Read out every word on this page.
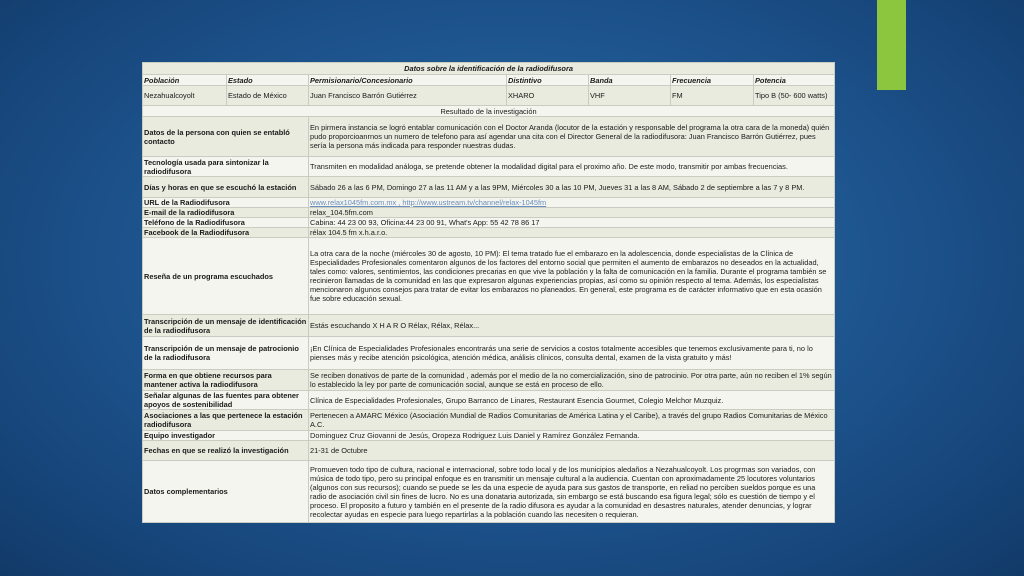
Datos sobre la identificación de la radiodifusora						
Población	Estado	Permisionario/Concesionario	Distintivo	Banda	Frecuencia	Potencia
Nezahualcoyolt	Estado de México	Juan Francisco Barrón Gutiérrez	XHARO	VHF	FM	Tipo B (50- 600 watts)
Resultado de la investigación						
Datos de la persona con quien se entabló contacto		En pirmera instancia se logró entablar comunicación con el Doctor Aranda (locutor de la estación y responsable del programa la otra cara de la moneda) quién pudo proporcioanrnos un numero de telefono para así agendar una cita con el Director General de la radiodifusora: Juan Francisco Barrón Gutiérrez, pues sería la persona más indicada para responder nuestras dudas.				
Tecnología usada para sintonizar la radiodifusora		Transmiten en modalidad análoga, se pretende obtener la modalidad digital para el proximo año. De este modo, transmitir por ambas frecuencias.				
Días y horas en que se escuchó la estación		Sábado 26 a las 6 PM, Domingo 27 a las 11 AM y a las 9PM, Miércoles 30 a las 10 PM, Jueves 31 a las 8 AM, Sábado 2 de septiembre a las 7 y 8 PM.				
URL de la Radiodifusora		www.relax1045fm.com.mx , http://www.ustream.tv/channel/relax-1045fm				
E-mail de la radiodifusora		relax_104.5fm.com				
Teléfono de la Radiodifusora		Cabina: 44 23 00 93, Oficina:44 23 00 91, What's App: 55 42 78 86 17				
Facebook de la Radiodifusora		rélax 104.5 fm x.h.a.r.o.				
Reseña de un programa escuchados		La otra cara de la noche (miércoles 30 de agosto, 10 PM): El tema tratado fue el embarazo en la adolescencia, donde especialistas de la Clínica de Especialidades Profesionales comentaron algunos de los factores del entorno social que permiten el aumento de embarazos no deseados en la actualidad, tales como: valores, sentimientos, las condiciones precarias en que vive la población y la falta de comunicación en la familia. Durante el programa también se recinieron llamadas de la comunidad en las que expresaron algunas experiencias propias, así como su opinión respecto al tema. Además, los especialistas mencionaron algunos consejos para tratar de evitar los embarazos no planeados. En general, este programa es de carácter informativo que en esta ocasión fue sobre educación sexual.				
Transcripción de un mensaje de identificación de la radiodifusora		Estás escuchando X H A R O Rélax, Rélax, Rélax...				
Transcripción de un mensaje de patrocionio de la radiodifusora		¡En Clínica de Especialidades Profesionales encontrarás una serie de servicios a costos totalmente accesibles que tenemos exclusivamente para ti, no lo pienses más y recibe atención psicológica, atención médica, análisis clínicos, consulta dental, examen de la vista gratuito y más!				
Forma en que obtiene recursos para mantener activa la radiodifusora		Se reciben donativos de parte de la comunidad , además por el medio de la no comercialización, sino de patrocinio. Por otra parte, aún no reciben el 1% según lo establecido la ley por parte de comunicación social, aunque se está en proceso de ello.				
Señalar algunas de las fuentes para obtener apoyos de sostenibilidad		Clínica de Especialidades Profesionales, Grupo Barranco de Linares, Restaurant Esencia Gourmet, Colegio Melchor Muzquiz.				
Asociaciones a las que pertenece la estación radiodifusora		Pertenecen a AMARC México (Asociación Mundial de Radios Comunitarias de América Latina y el Caribe), a través del grupo Radios Comunitarias de México A.C.				
Equipo investigador		Dominguez Cruz Giovanni de Jesús, Oropeza Rodriguez Luis Daniel y Ramírez González Fernanda.				
Fechas en que se realizó la investigación		21-31 de Octubre				
Datos complementarios		Promueven todo tipo de cultura, nacional e internacional, sobre todo local y de los municipios aledaños a Nezahualcoyolt. Los progrmas son variados, con música de todo tipo, pero su principal enfoque es en transmitir un mensaje cultural a la audiencia. Cuentan con aproximadamente 25 locutores voluntarios (algunos con sus recursos); cuando se puede se les da una especie de ayuda para sus gastos de transporte, en reliad no perciben sueldos porque es una radio de asociación civil sin fines de lucro. No es una donataria autorizada, sin embargo se está buscando esa figura legal; sólo es cuestión de tiempo y el proceso. El proposito a futuro y también en el presente de la radio difusora es ayudar a la comunidad en desastres naturales, atender denuncias, y lograr recolectar ayudas en especie para luego repartirlas a la población cuando las necesiten o requieran.				
